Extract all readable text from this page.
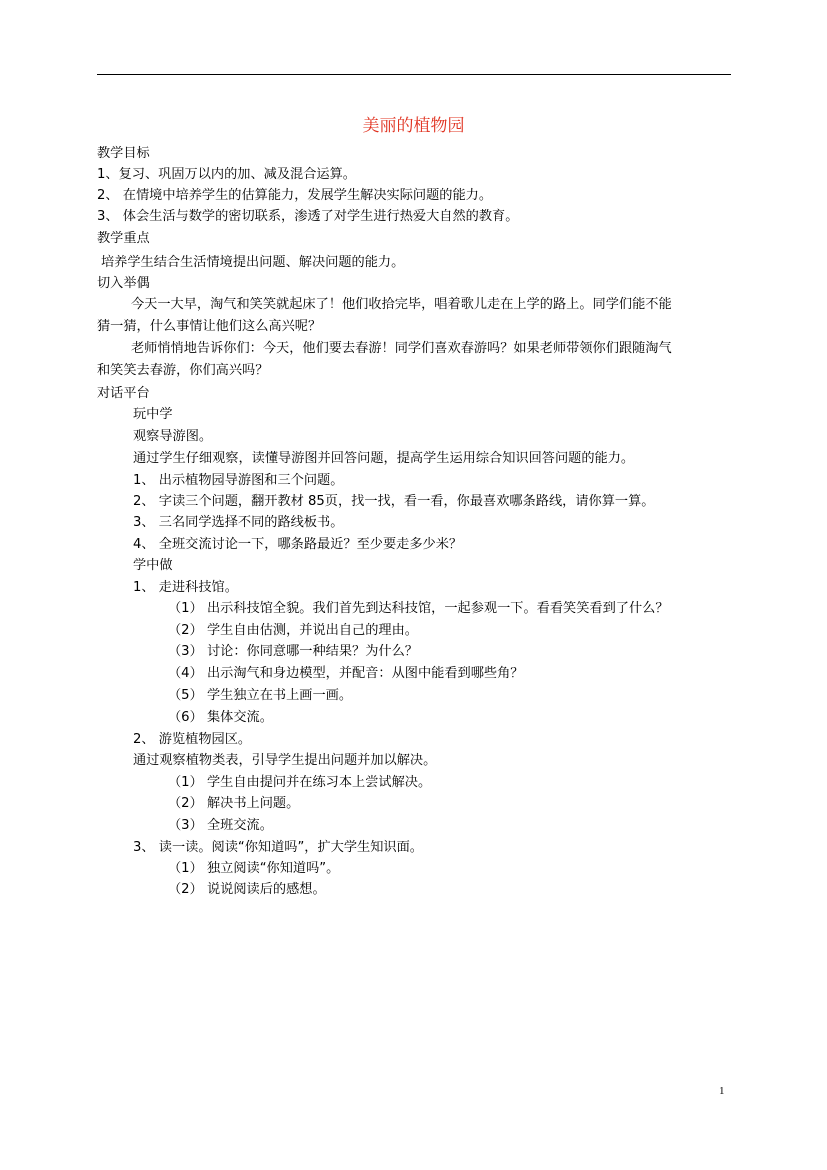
美丽的植物园
教学目标
1、复习、巩固万以内的加、减及混合运算。
2、 在情境中培养学生的估算能力，发展学生解决实际问题的能力。
3、 体会生活与数学的密切联系，渗透了对学生进行热爱大自然的教育。
教学重点
培养学生结合生活情境提出问题、解决问题的能力。
切入举偶
今天一大早，淘气和笑笑就起床了！他们收拾完毕，唱着歌儿走在上学的路上。同学们能不能
猜一猜，什么事情让他们这么高兴呢？
老师悄悄地告诉你们：今天，他们要去春游！同学们喜欢春游吗？如果老师带领你们跟随淘气
和笑笑去春游，你们高兴吗？
对话平台
玩中学
观察导游图。
通过学生仔细观察，读懂导游图并回答问题，提高学生运用综合知识回答问题的能力。
1、 出示植物园导游图和三个问题。
2、 字读三个问题，翻开教材 85页，找一找，看一看，你最喜欢哪条路线，请你算一算。
3、 三名同学选择不同的路线板书。
4、 全班交流讨论一下，哪条路最近？至少要走多少米？
学中做
1、 走进科技馆。
（1） 出示科技馆全貌。我们首先到达科技馆，一起参观一下。看看笑笑看到了什么？
（2） 学生自由估测，并说出自己的理由。
（3） 讨论：你同意哪一种结果？为什么？
（4） 出示淘气和身边模型，并配音：从图中能看到哪些角？
（5） 学生独立在书上画一画。
（6） 集体交流。
2、 游览植物园区。
通过观察植物类表，引导学生提出问题并加以解决。
（1） 学生自由提问并在练习本上尝试解决。
（2） 解决书上问题。
（3） 全班交流。
3、 读一读。阅读“你知道吗”，扩大学生知识面。
（1） 独立阅读“你知道吗”。
（2） 说说阅读后的感想。
1
